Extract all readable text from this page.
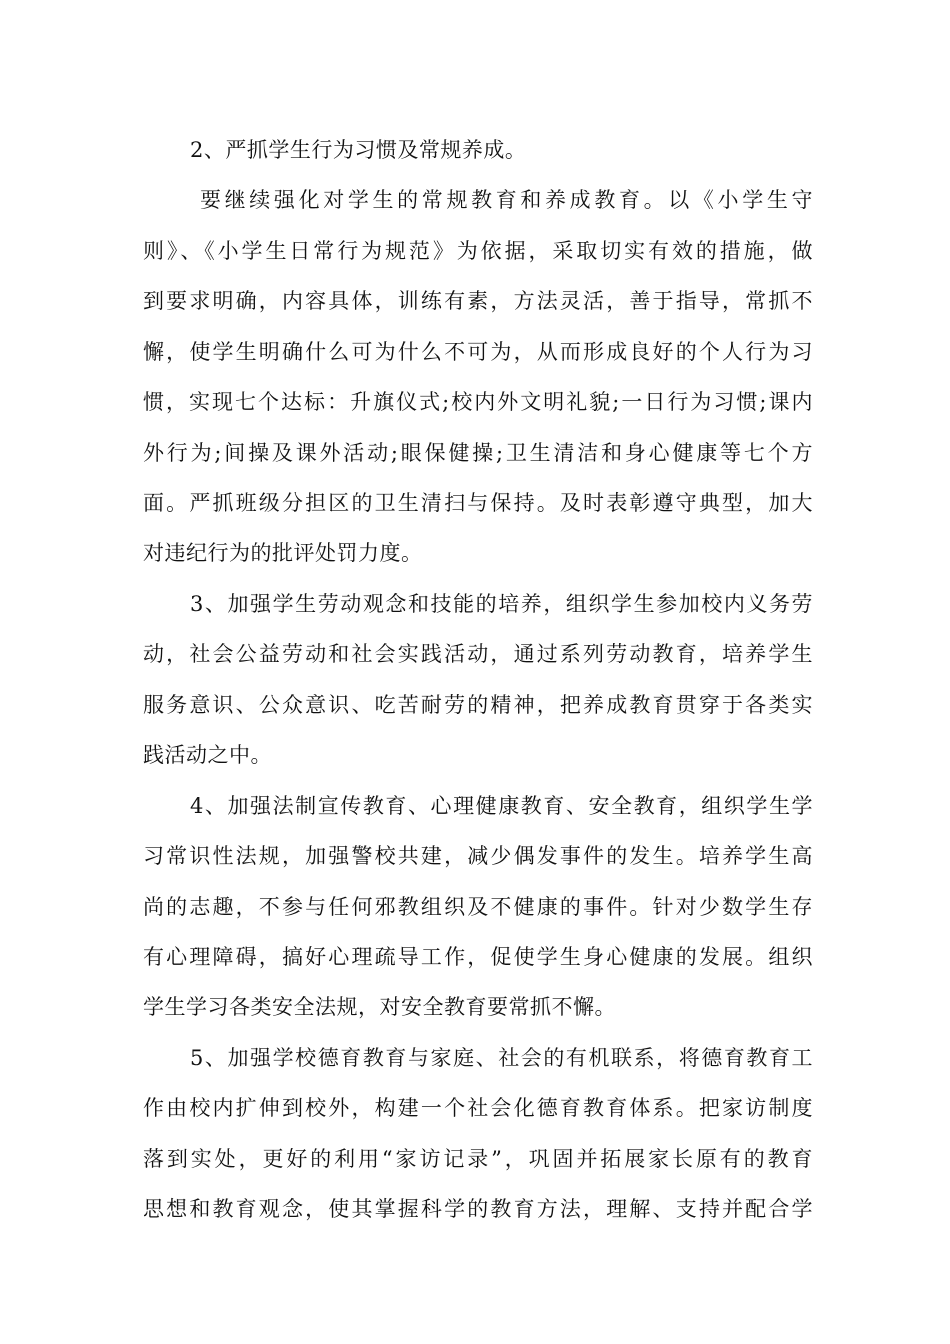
2、严抓学生行为习惯及常规养成。
要继续强化对学生的常规教育和养成教育。以《小学生守
则》、《小学生日常行为规范》为依据，采取切实有效的措施，做
到要求明确，内容具体，训练有素，方法灵活，善于指导，常抓不
懈，使学生明确什么可为什么不可为，从而形成良好的个人行为习
惯，实现七个达标：升旗仪式;校内外文明礼貌;一日行为习惯;课内
外行为;间操及课外活动;眼保健操;卫生清洁和身心健康等七个方
面。严抓班级分担区的卫生清扫与保持。及时表彰遵守典型，加大
对违纪行为的批评处罚力度。
3、加强学生劳动观念和技能的培养，组织学生参加校内义务劳
动，社会公益劳动和社会实践活动，通过系列劳动教育，培养学生
服务意识、公众意识、吃苦耐劳的精神，把养成教育贯穿于各类实
践活动之中。
4、加强法制宣传教育、心理健康教育、安全教育，组织学生学
习常识性法规，加强警校共建，减少偶发事件的发生。培养学生高
尚的志趣，不参与任何邪教组织及不健康的事件。针对少数学生存
有心理障碍，搞好心理疏导工作，促使学生身心健康的发展。组织
学生学习各类安全法规，对安全教育要常抓不懈。
5、加强学校德育教育与家庭、社会的有机联系，将德育教育工
作由校内扩伸到校外，构建一个社会化德育教育体系。把家访制度
落到实处，更好的利用“家访记录”，巩固并拓展家长原有的教育
思想和教育观念，使其掌握科学的教育方法，理解、支持并配合学
